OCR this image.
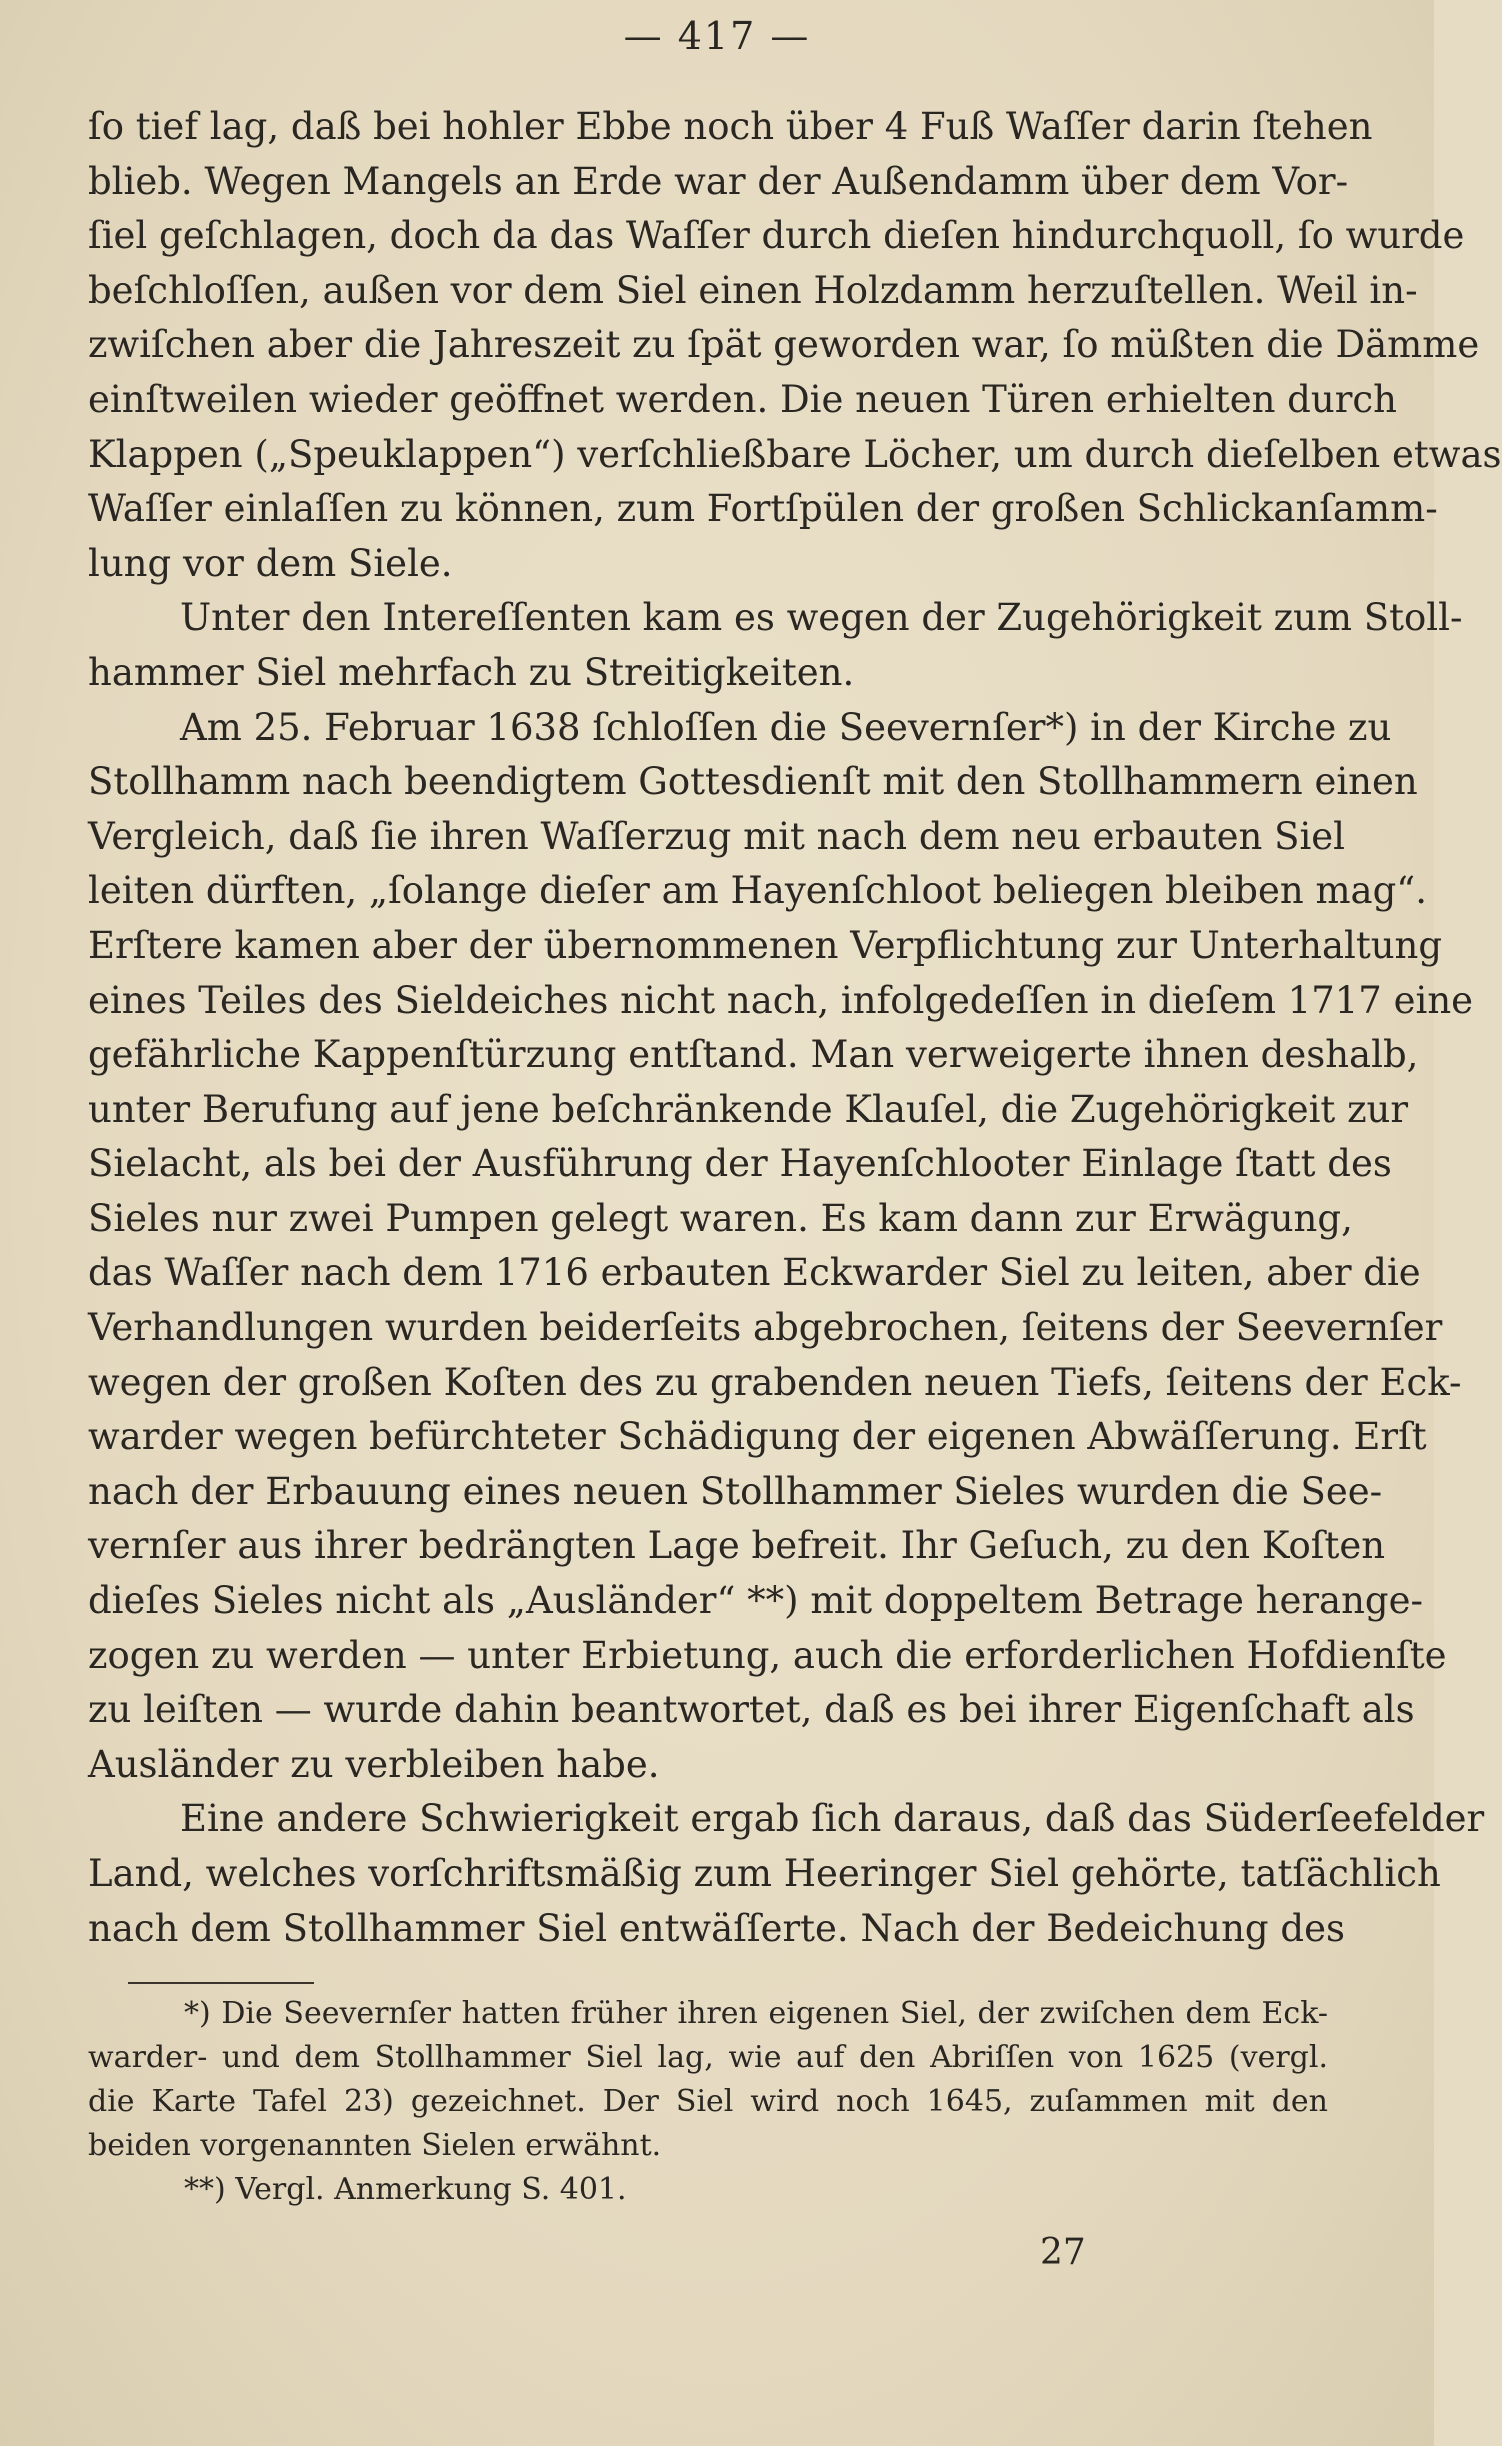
— 417 —
ſo tief lag, daß bei hohler Ebbe noch über 4 Fuß Waſſer darin ſtehen
blieb. Wegen Mangels an Erde war der Außendamm über dem Vor-
ſiel geſchlagen, doch da das Waſſer durch dieſen hindurchquoll, ſo wurde
beſchloſſen, außen vor dem Siel einen Holzdamm herzuſtellen. Weil in-
zwiſchen aber die Jahreszeit zu ſpät geworden war, ſo müßten die Dämme
einſtweilen wieder geöffnet werden. Die neuen Türen erhielten durch
Klappen („Speuklappen“) verſchließbare Löcher, um durch dieſelben etwas
Waſſer einlaſſen zu können, zum Fortſpülen der großen Schlickanſamm-
lung vor dem Siele.
Unter den Intereſſenten kam es wegen der Zugehörigkeit zum Stoll-
hammer Siel mehrfach zu Streitigkeiten.
Am 25. Februar 1638 ſchloſſen die Seevernſer*) in der Kirche zu
Stollhamm nach beendigtem Gottesdienſt mit den Stollhammern einen
Vergleich, daß ſie ihren Waſſerzug mit nach dem neu erbauten Siel
leiten dürften, „ſolange dieſer am Hayenſchloot beliegen bleiben mag“.
Erſtere kamen aber der übernommenen Verpflichtung zur Unterhaltung
eines Teiles des Sieldeiches nicht nach, infolgedeſſen in dieſem 1717 eine
gefährliche Kappenſtürzung entſtand. Man verweigerte ihnen deshalb,
unter Berufung auf jene beſchränkende Klauſel, die Zugehörigkeit zur
Sielacht, als bei der Ausführung der Hayenſchlooter Einlage ſtatt des
Sieles nur zwei Pumpen gelegt waren. Es kam dann zur Erwägung,
das Waſſer nach dem 1716 erbauten Eckwarder Siel zu leiten, aber die
Verhandlungen wurden beiderſeits abgebrochen, ſeitens der Seevernſer
wegen der großen Koſten des zu grabenden neuen Tiefs, ſeitens der Eck-
warder wegen befürchteter Schädigung der eigenen Abwäſſerung. Erſt
nach der Erbauung eines neuen Stollhammer Sieles wurden die See-
vernſer aus ihrer bedrängten Lage befreit. Ihr Geſuch, zu den Koſten
dieſes Sieles nicht als „Ausländer“ **) mit doppeltem Betrage herange-
zogen zu werden — unter Erbietung, auch die erforderlichen Hofdienſte
zu leiſten — wurde dahin beantwortet, daß es bei ihrer Eigenſchaft als
Ausländer zu verbleiben habe.
Eine andere Schwierigkeit ergab ſich daraus, daß das Süderſeefelder
Land, welches vorſchriftsmäßig zum Heeringer Siel gehörte, tatſächlich
nach dem Stollhammer Siel entwäſſerte. Nach der Bedeichung des
*) Die Seevernſer hatten früher ihren eigenen Siel, der zwiſchen dem Eck-
warder- und dem Stollhammer Siel lag, wie auf den Abriſſen von 1625 (vergl.
die Karte Tafel 23) gezeichnet. Der Siel wird noch 1645, zuſammen mit den
beiden vorgenannten Sielen erwähnt.
**) Vergl. Anmerkung S. 401.
27
